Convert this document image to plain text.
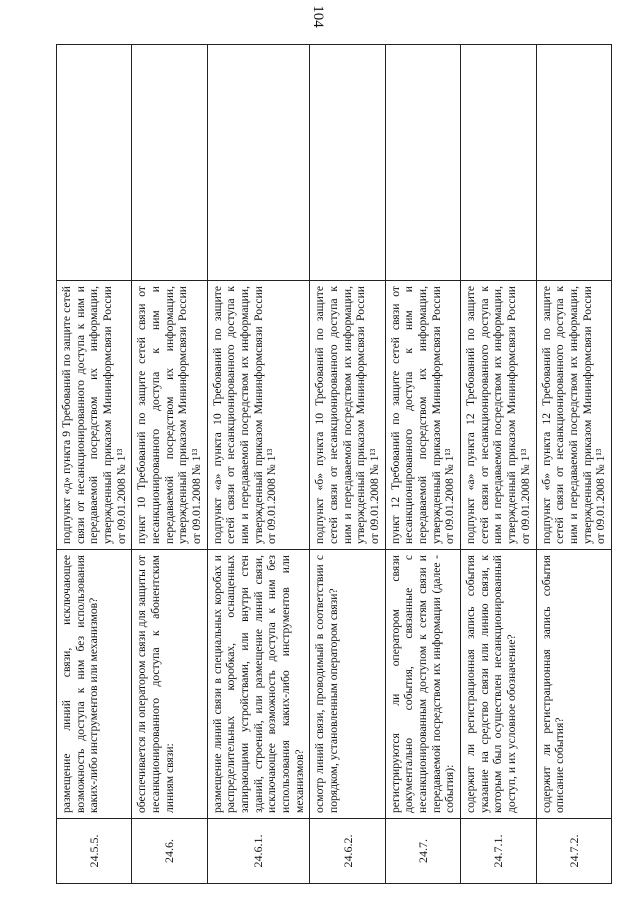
104
24.5.5.	размещение линий связи, исключающее возможность доступа к ним без использования каких-либо инструментов или механизмов?	подпункт «д» пункта 9 Требований по защите сетей связи от несанкционированного доступа к ним и передаваемой посредством их информации, утвержденный приказом Мининформсвязи России от 09.01.2008 № 1¹³	
24.6.	обеспечивается ли оператором связи для защиты от несанкционированного доступа к абонентским линиям связи:	пункт 10 Требований по защите сетей связи от несанкционированного доступа к ним и передаваемой посредством их информации, утвержденный приказом Мининформсвязи России от 09.01.2008 № 1¹³	
24.6.1.	размещение линий связи в специальных коробах и распределительных коробках, оснащенных запирающими устройствами, или внутри стен зданий, строений, или размещение линий связи, исключающее возможность доступа к ним без использования каких-либо инструментов или механизмов?	подпункт «а» пункта 10 Требований по защите сетей связи от несанкционированного доступа к ним и передаваемой посредством их информации, утвержденный приказом Мининформсвязи России от 09.01.2008 № 1¹³	
24.6.2.	осмотр линий связи, проводимый в соответствии с порядком, установленным оператором связи?	подпункт «б» пункта 10 Требований по защите сетей связи от несанкционированного доступа к ним и передаваемой посредством их информации, утвержденный приказом Мининформсвязи России от 09.01.2008 № 1¹³	
24.7.	регистрируются ли оператором связи документально события, связанные с несанкционированным доступом к сетям связи и передаваемой посредством их информации (далее - события):	пункт 12 Требований по защите сетей связи от несанкционированного доступа к ним и передаваемой посредством их информации, утвержденный приказом Мининформсвязи России от 09.01.2008 № 1¹³	
24.7.1.	содержит ли регистрационная запись события указание на средство связи или линию связи, к которым был осуществлен несанкционированный доступ, и их условное обозначение?	подпункт «а» пункта 12 Требований по защите сетей связи от несанкционированного доступа к ним и передаваемой посредством их информации, утвержденный приказом Мининформсвязи России от 09.01.2008 № 1¹³	
24.7.2.	содержит ли регистрационная запись события описание события?	подпункт «б» пункта 12 Требований по защите сетей связи от несанкционированного доступа к ним и передаваемой посредством их информации, утвержденный приказом Мининформсвязи России от 09.01.2008 № 1¹³	
